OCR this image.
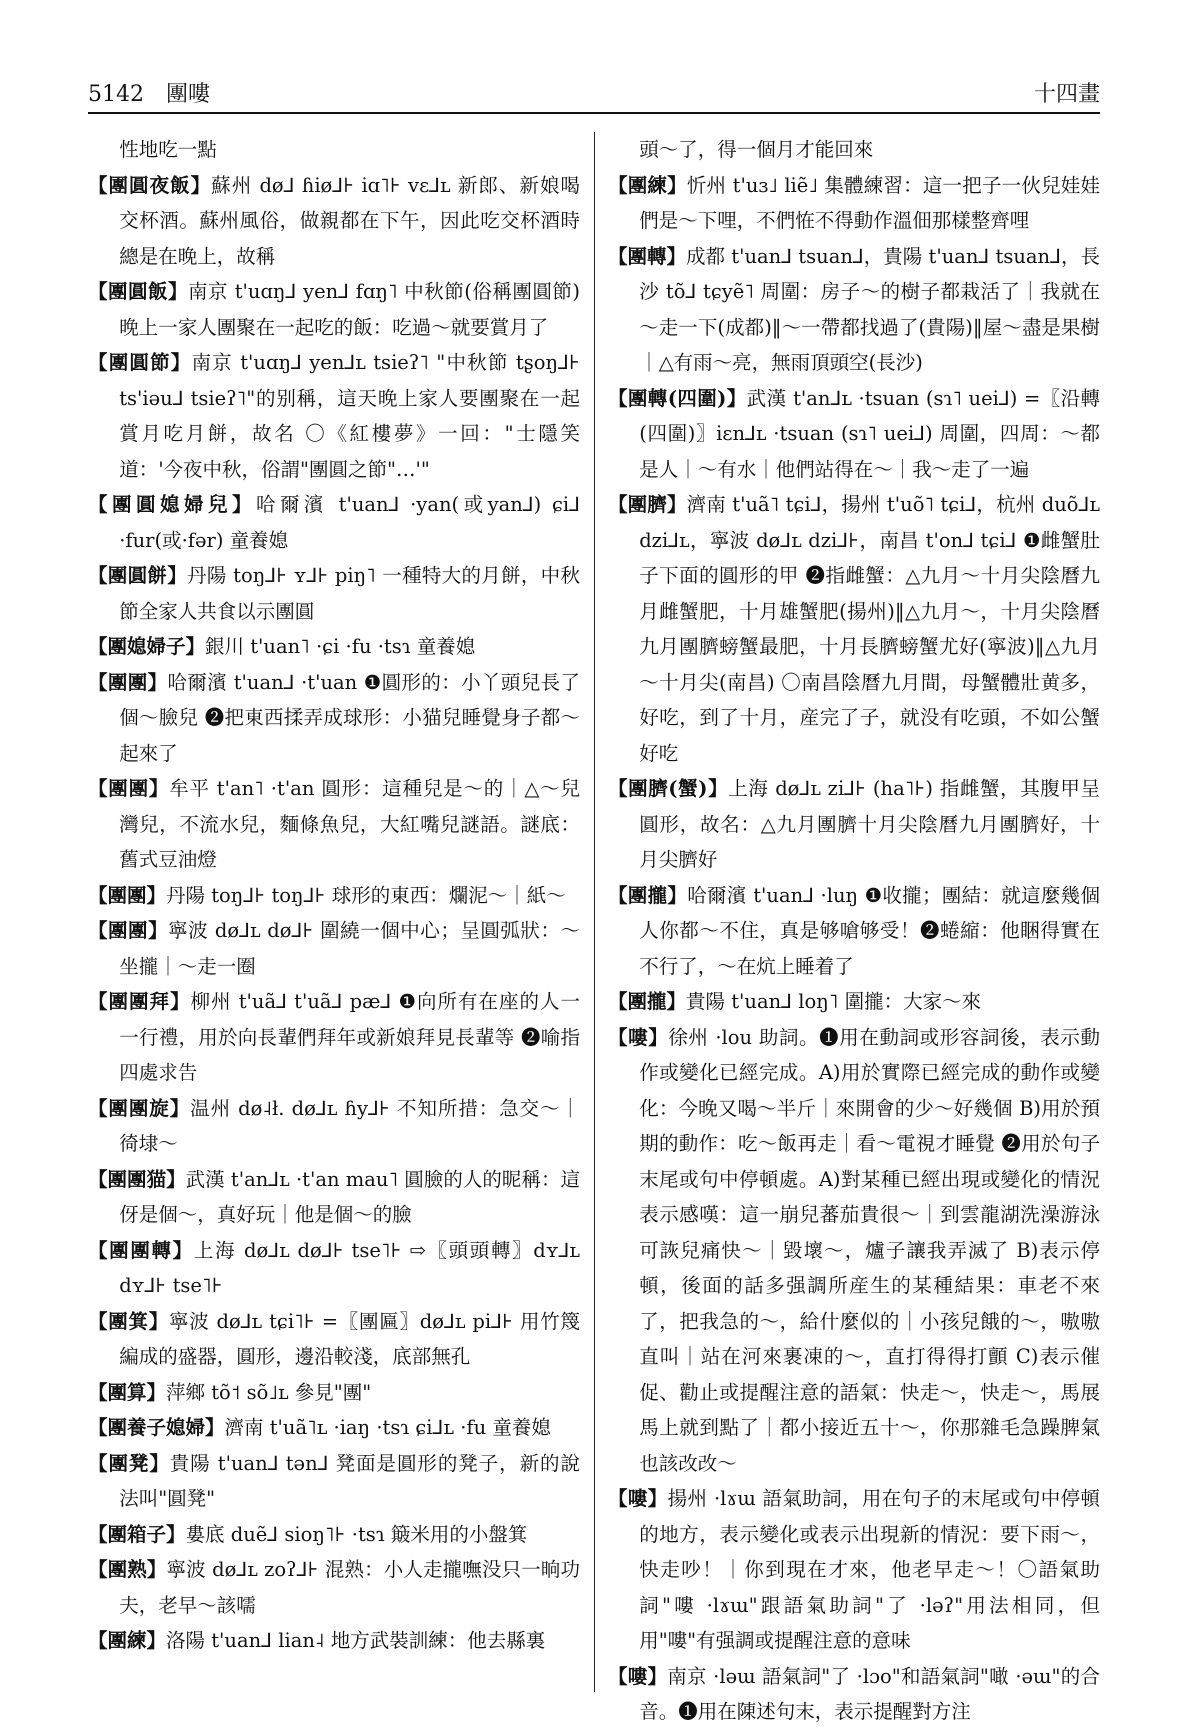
5142 團嘍	十四畫

性地吃一點

【團圓夜飯】蘇州 dø⅃ ɦiø⅃⊦ iɑ˥⊦ ᴠɛ⅃ʟ 新郎、新娘喝交杯酒。蘇州風俗，做親都在下午，因此吃交杯酒時總是在晚上，故稱

【團圓飯】南京 t'uɑŋ⅃ yen⅃ fɑŋ˥ 中秋節(俗稱團圓節)晚上一家人團聚在一起吃的飯：吃過～就要賞月了

【團圓節】南京 t'uɑŋ⅃ yen⅃ʟ tsieʔ˥ "中秋節 tʂoŋ⅃⊦ ts'iəu⅃ tsieʔ˥"的别稱，這天晚上家人要團聚在一起賞月吃月餅，故名 〇《紅樓夢》一回："士隱笑道：'今夜中秋，俗謂"團圓之節"…'"

【團圓媳婦兒】哈爾濱 t'uan⅃ ·yan(或yan⅃) ɕi⅃ ·fur(或·fər) 童養媳

【團圓餅】丹陽 toŋ⅃⊦ ʏ⅃⊦ piŋ˥ 一種特大的月餅，中秋節全家人共食以示團圓

【團媳婦子】銀川 t'uan˥ ·ɕi ·fu ·tsɿ 童養媳

【團團】哈爾濱 t'uan⅃ ·t'uan ❶圓形的：小丫頭兒長了個～臉兒 ❷把東西揉弄成球形：小猫兒睡覺身子都～起來了

【團團】牟平 t'an˥ ·t'an 圓形：這種兒是～的｜△～兒灣兒，不流水兒，麵條魚兒，大紅嘴兒謎語。謎底：舊式豆油燈

【團團】丹陽 toŋ⅃⊦ toŋ⅃⊦ 球形的東西：爛泥～｜紙～

【團團】寧波 dø⅃ʟ dø⅃⊦ 圍繞一個中心；呈圓弧狀：～坐攏｜～走一圈

【團團拜】柳州 t'uã⅃ t'uã⅃ pæ⅃ ❶向所有在座的人一一行禮，用於向長輩們拜年或新娘拜見長輩等 ❷喻指四處求告

【團團旋】温州 dø˨ł. dø⅃ʟ ɦy⅃⊦ 不知所措：急交～｜徛埭～

【團團猫】武漢 t'an⅃ʟ ·t'an mau˥ 圓臉的人的昵稱：這伢是個～，真好玩｜他是個～的臉

【團團轉】上海 dø⅃ʟ dø⅃⊦ tse˥⊦ ⇨〖頭頭轉〗dʏ⅃ʟ dʏ⅃⊦ tse˥⊦

【團箕】寧波 dø⅃ʟ tɕi˥⊦ =〖團匾〗dø⅃ʟ pi⅃⊦ 用竹篾編成的盛器，圓形，邊沿較淺，底部無孔

【團算】萍鄉 tõ˦ sõ˩ʟ 參見"團"

【團養子媳婦】濟南 t'uã˥ʟ ·iaŋ ·tsɿ ɕi⅃ʟ ·fu 童養媳

【團凳】貴陽 t'uan⅃ tən⅃ 凳面是圓形的凳子，新的說法叫"圓凳"

【團箱子】婁底 duẽ⅃ sioŋ˥⊦ ·tsɿ 簸米用的小盤箕

【團熟】寧波 dø⅃ʟ zoʔ⅃⊦ 混熟：小人走攏嘸没只一晌功夫，老早～該嚅

【團練】洛陽 t'uan⅃ lian˨ 地方武裝訓練：他去縣裏

頭～了，得一個月才能回來

【團練】忻州 t'uɜ˩ liẽ˩ 集體練習：這一把子一伙兒娃娃們是～下哩，不們恠不得動作溫佃那樣整齊哩

【團轉】成都 t'uan⅃ tsuan⅃，貴陽 t'uan⅃ tsuan⅃，長沙 tõ⅃ tɕyẽ˥ 周圍：房子～的樹子都栽活了｜我就在～走一下(成都)‖～一帶都找過了(貴陽)‖屋～盡是果樹｜△有雨～亮，無雨頂頭空(長沙)

【團轉(四圍)】武漢 t'an⅃ʟ ·tsuan (sɿ˥ uei⅃) =〖沿轉(四圍)〗iɛn⅃ʟ ·tsuan (sɿ˥ uei⅃) 周圍，四周：～都是人｜～有水｜他們站得在～｜我～走了一遍

【團臍】濟南 t'uã˥ tɕi⅃，揚州 t'uõ˥ tɕi⅃，杭州 duõ⅃ʟ dzi⅃ʟ，寧波 dø⅃ʟ dzi⅃⊦，南昌 t'on⅃ tɕi⅃ ❶雌蟹肚子下面的圓形的甲 ❷指雌蟹：△九月～十月尖陰曆九月雌蟹肥，十月雄蟹肥(揚州)‖△九月～，十月尖陰曆九月團臍螃蟹最肥，十月長臍螃蟹尤好(寧波)‖△九月～十月尖(南昌) 〇南昌陰曆九月間，母蟹體壯黄多，好吃，到了十月，産完了子，就没有吃頭，不如公蟹好吃

【團臍(蟹)】上海 dø⅃ʟ zi⅃⊦ (ha˥⊦) 指雌蟹，其腹甲呈圓形，故名：△九月團臍十月尖陰曆九月團臍好，十月尖臍好

【團攏】哈爾濱 t'uan⅃ ·luŋ ❶收攏；團結：就這麼幾個人你都～不住，真是够嗆够受！❷蜷縮：他睏得實在不行了，～在炕上睡着了

【團攏】貴陽 t'uan⅃ loŋ˥ 圍攏：大家～來

【嘍】徐州 ·lou 助詞。❶用在動詞或形容詞後，表示動作或變化已經完成。A)用於實際已經完成的動作或變化：今晚又喝～半斤｜來開會的少～好幾個 B)用於預期的動作：吃～飯再走｜看～電視才睡覺 ❷用於句子末尾或句中停頓處。A)對某種已經出現或變化的情況表示感嘆：這一崩兒蕃茄貴很～｜到雲龍湖洗澡游泳可詼兒痛快～｜毀壞～，爐子讓我弄滅了 B)表示停頓，後面的話多强調所産生的某種結果：車老不來了，把我急的～，給什麼似的｜小孩兒餓的～，嗷嗷直叫｜站在河來裹凍的～，直打得得打顫 C)表示催促、勸止或提醒注意的語氣：快走～，快走～，馬展馬上就到點了｜都小接近五十～，你那雜毛急躁脾氣也該改改～

【嘍】揚州 ·lɤɯ 語氣助詞，用在句子的末尾或句中停頓的地方，表示變化或表示出現新的情況：要下雨～，快走吵！｜你到現在才來，他老早走～！〇語氣助詞"嘍 ·lɤɯ"跟語氣助詞"了 ·ləʔ"用法相同，但用"嘍"有强調或提醒注意的意味

【嘍】南京 ·ləɯ 語氣詞"了 ·lɔo"和語氣詞"噉 ·əɯ"的合音。❶用在陳述句末，表示提醒對方注
